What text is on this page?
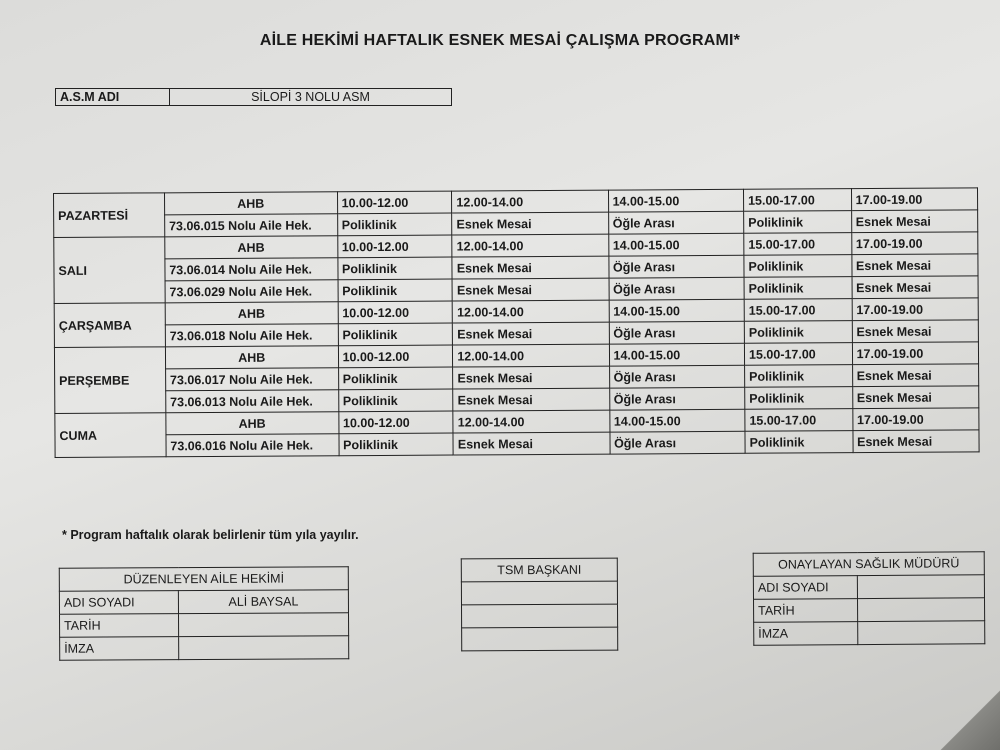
AİLE HEKİMİ HAFTALIK ESNEK MESAİ ÇALIŞMA PROGRAMI*
A.S.M ADI	SİLOPİ 3 NOLU ASM
PAZARTESİ	AHB	10.00-12.00	12.00-14.00	14.00-15.00	15.00-17.00	17.00-19.00
	73.06.015 Nolu Aile Hek.	Poliklinik	Esnek Mesai	Öğle Arası	Poliklinik	Esnek Mesai
SALI	AHB	10.00-12.00	12.00-14.00	14.00-15.00	15.00-17.00	17.00-19.00
	73.06.014 Nolu Aile Hek.	Poliklinik	Esnek Mesai	Öğle Arası	Poliklinik	Esnek Mesai
	73.06.029 Nolu Aile Hek.	Poliklinik	Esnek Mesai	Öğle Arası	Poliklinik	Esnek Mesai
ÇARŞAMBA	AHB	10.00-12.00	12.00-14.00	14.00-15.00	15.00-17.00	17.00-19.00
	73.06.018 Nolu Aile Hek.	Poliklinik	Esnek Mesai	Öğle Arası	Poliklinik	Esnek Mesai
PERŞEMBE	AHB	10.00-12.00	12.00-14.00	14.00-15.00	15.00-17.00	17.00-19.00
	73.06.017 Nolu Aile Hek.	Poliklinik	Esnek Mesai	Öğle Arası	Poliklinik	Esnek Mesai
	73.06.013 Nolu Aile Hek.	Poliklinik	Esnek Mesai	Öğle Arası	Poliklinik	Esnek Mesai
CUMA	AHB	10.00-12.00	12.00-14.00	14.00-15.00	15.00-17.00	17.00-19.00
	73.06.016 Nolu Aile Hek.	Poliklinik	Esnek Mesai	Öğle Arası	Poliklinik	Esnek Mesai
* Program haftalık olarak belirlenir tüm yıla yayılır.
DÜZENLEYEN AİLE HEKİMİ	
ADI SOYADI	ALİ BAYSAL
TARİH	
İMZA	
TSM BAŞKANI	ONAYLAYAN SAĞLIK MÜDÜRÜ	
ADI SOYADI	
TARİH	
İMZA	
